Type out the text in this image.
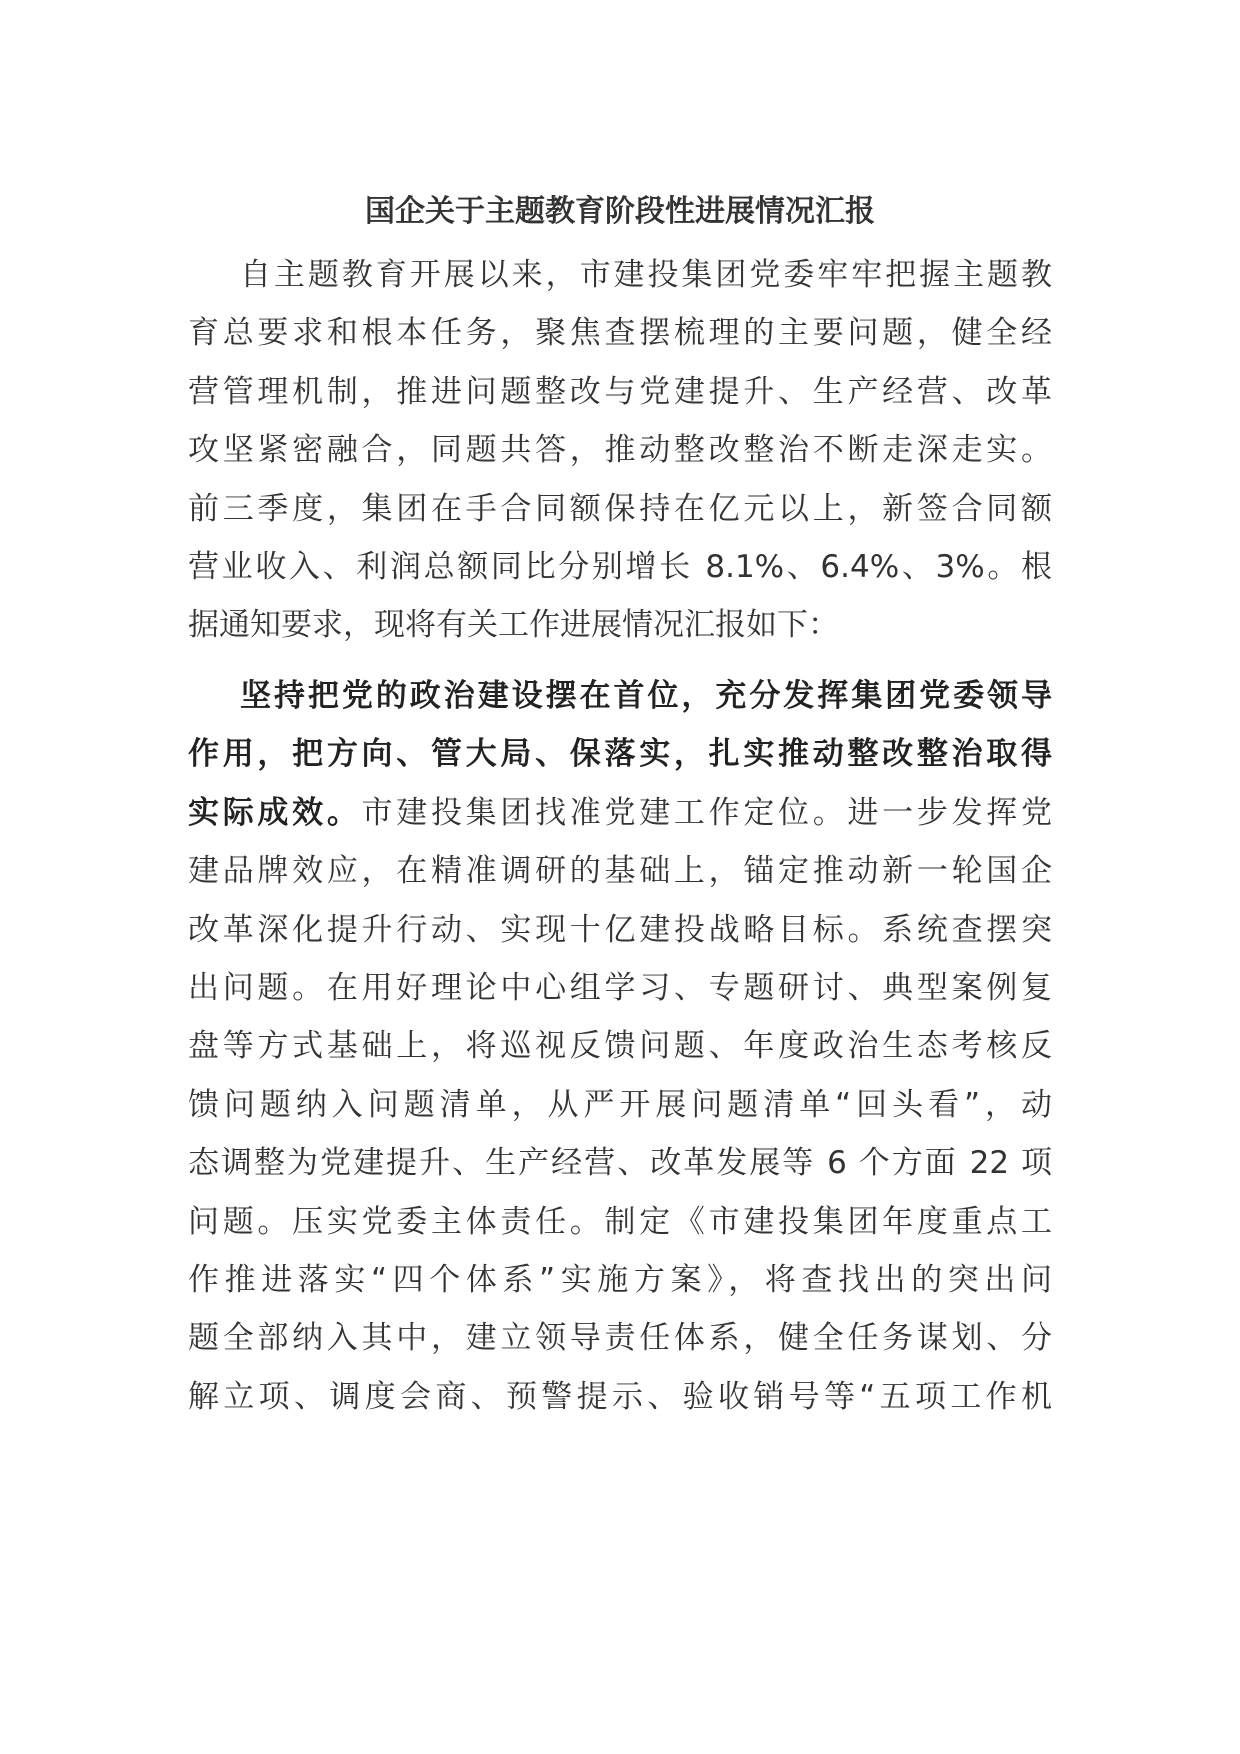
国企关于主题教育阶段性进展情况汇报
自主题教育开展以来，市建投集团党委牢牢把握主题教
育总要求和根本任务，聚焦查摆梳理的主要问题，健全经
营管理机制，推进问题整改与党建提升、生产经营、改革
攻坚紧密融合，同题共答，推动整改整治不断走深走实。
前三季度，集团在手合同额保持在亿元以上，新签合同额
营业收入、利润总额同比分别增长 8.1%、6.4%、3%。根
据通知要求，现将有关工作进展情况汇报如下：
坚持把党的政治建设摆在首位，充分发挥集团党委领导
作用，把方向、管大局、保落实，扎实推动整改整治取得
实际成效。市建投集团找准党建工作定位。进一步发挥党
建品牌效应，在精准调研的基础上，锚定推动新一轮国企
改革深化提升行动、实现十亿建投战略目标。系统查摆突
出问题。在用好理论中心组学习、专题研讨、典型案例复
盘等方式基础上，将巡视反馈问题、年度政治生态考核反
馈问题纳入问题清单，从严开展问题清单“回头看”，动
态调整为党建提升、生产经营、改革发展等 6 个方面 22 项
问题。压实党委主体责任。制定《市建投集团年度重点工
作推进落实“四个体系”实施方案》，将查找出的突出问
题全部纳入其中，建立领导责任体系，健全任务谋划、分
解立项、调度会商、预警提示、验收销号等“五项工作机
